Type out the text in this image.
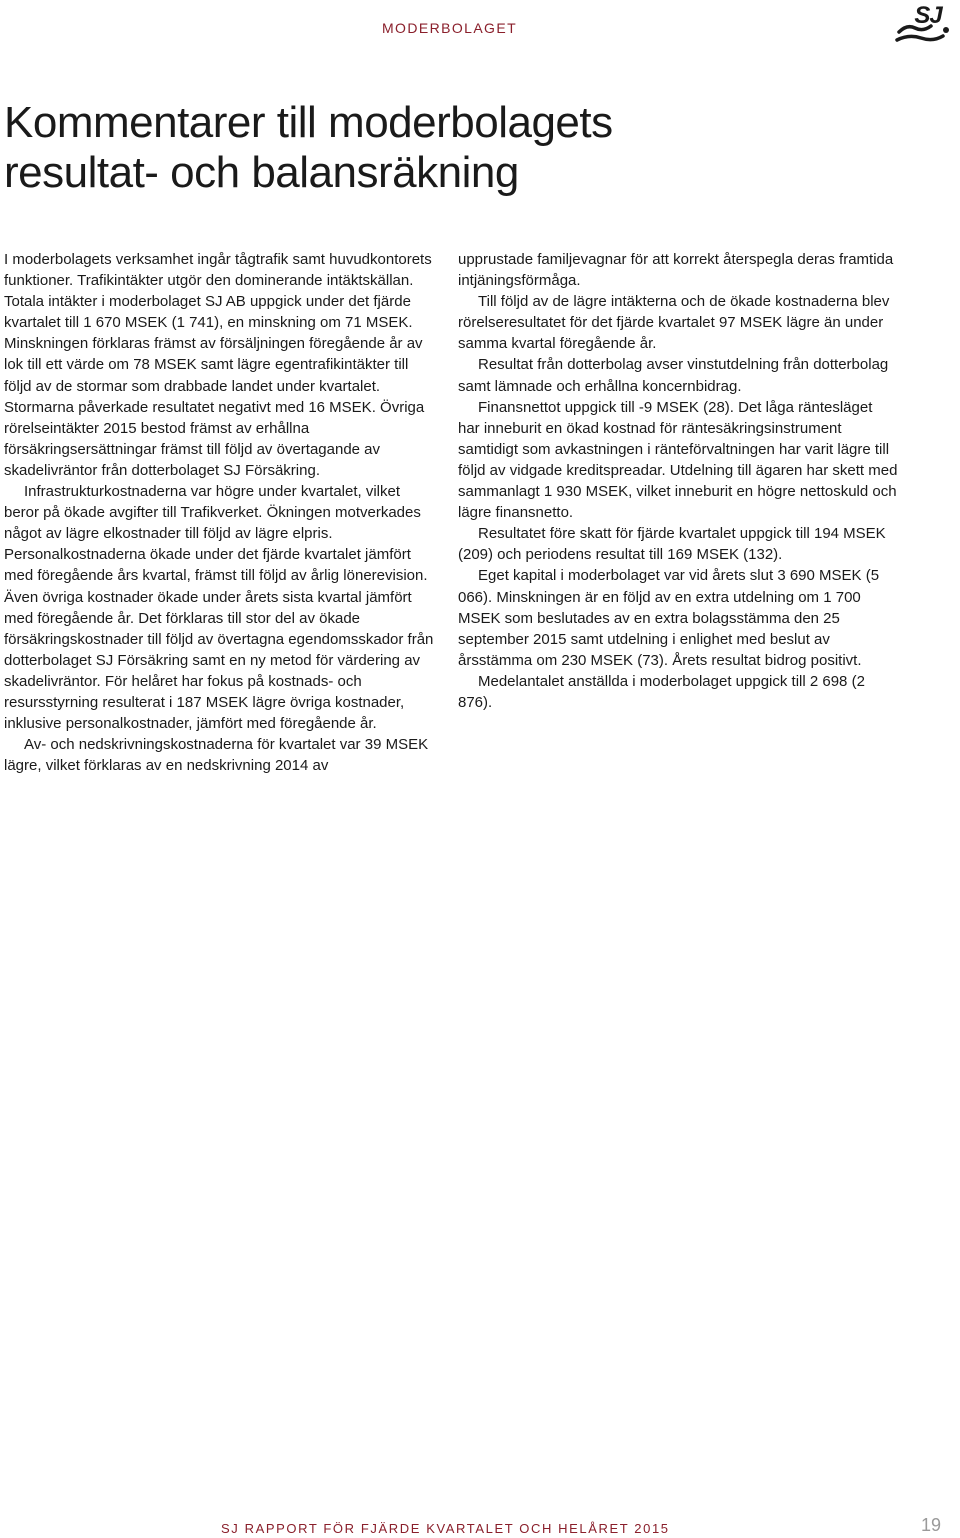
MODERBOLAGET	SJ
Kommentarer till moderbolagets
resultat- och balansräkning

I moderbolagets verksamhet ingår tågtrafik samt huvudkontorets funktioner. Trafikintäkter utgör den dominerande intäktskällan. Totala intäkter i moderbolaget SJ AB uppgick under det fjärde kvartalet till 1 670 MSEK (1 741), en minskning om 71 MSEK. Minskningen förklaras främst av försäljningen föregående år av lok till ett värde om 78 MSEK samt lägre egentrafikintäkter till följd av de stormar som drabbade landet under kvartalet. Stormarna påverkade resultatet negativt med 16 MSEK. Övriga rörelseintäkter 2015 bestod främst av erhållna försäkringsersättningar främst till följd av övertagande av skadelivräntor från dotterbolaget SJ Försäkring.

Infrastrukturkostnaderna var högre under kvartalet, vilket beror på ökade avgifter till Trafikverket. Ökningen motverkades något av lägre elkostnader till följd av lägre elpris. Personalkostnaderna ökade under det fjärde kvartalet jämfört med föregående års kvartal, främst till följd av årlig lönerevision. Även övriga kostnader ökade under årets sista kvartal jämfört med föregående år. Det förklaras till stor del av ökade försäkringskostnader till följd av övertagna egendomsskador från dotterbolaget SJ Försäkring samt en ny metod för värdering av skadelivräntor. För helåret har fokus på kostnads- och resursstyrning resulterat i 187 MSEK lägre övriga kostnader, inklusive personalkostnader, jämfört med föregående år.

Av- och nedskrivningskostnaderna för kvartalet var 39 MSEK lägre, vilket förklaras av en nedskrivning 2014 av

upprustade familjevagnar för att korrekt återspegla deras framtida intjäningsförmåga.

Till följd av de lägre intäkterna och de ökade kostnaderna blev rörelseresultatet för det fjärde kvartalet 97 MSEK lägre än under samma kvartal föregående år.

Resultat från dotterbolag avser vinstutdelning från dotterbolag samt lämnade och erhållna koncernbidrag.

Finansnettot uppgick till -9 MSEK (28). Det låga räntesläget har inneburit en ökad kostnad för räntesäkringsinstrument samtidigt som avkastningen i ränteförvaltningen har varit lägre till följd av vidgade kreditspreadar. Utdelning till ägaren har skett med sammanlagt 1 930 MSEK, vilket inneburit en högre nettoskuld och lägre finansnetto.

Resultatet före skatt för fjärde kvartalet uppgick till 194 MSEK (209) och periodens resultat till 169 MSEK (132).

Eget kapital i moderbolaget var vid årets slut 3 690 MSEK (5 066). Minskningen är en följd av en extra utdelning om 1 700 MSEK som beslutades av en extra bolagsstämma den 25 september 2015 samt utdelning i enlighet med beslut av årsstämma om 230 MSEK (73). Årets resultat bidrog positivt.

Medelantalet anställda i moderbolaget uppgick till 2 698 (2 876).

SJ RAPPORT FÖR FJÄRDE KVARTALET OCH HELÅRET 2015	19
